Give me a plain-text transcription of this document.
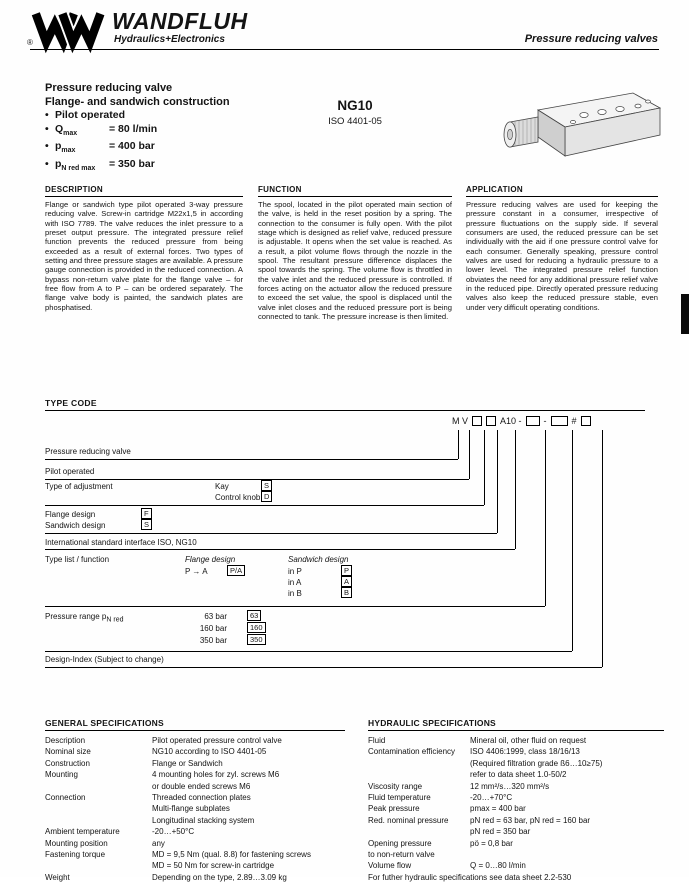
®
WANDFLUH
Hydraulics+Electronics	Pressure reducing valves
Pressure reducing valve
Flange- and sandwich construction
• Pilot operated
• $Q_{max}$	= 80 l/min
• $p_{max}$	= 400 bar
• $p_{N red max}$	= 350 bar
NG10
ISO 4401-05
DESCRIPTION

Flange or sandwich type pilot operated 3-way pressure reducing valve. Screw-in cartridge M22x1,5 in according with ISO 7789. The valve reduces the inlet pressure to a preset output pressure. The integrated pressure relief function prevents the reduced pressure from being exceeded as a result of external forces. Two types of setting and three pressure stages are available. A pressure gauge connection is provided in the reduced connection. A bypass non-return valve plate for the flange valve – for free flow from A to P – can be ordered separately. The flange valve body is painted, the sandwich plates are phosphatised.

FUNCTION

The spool, located in the pilot operated main section of the valve, is held in the reset position by a spring. The connection to the consumer is fully open. With the pilot stage which is designed as relief valve, reduced pressure is adjustable. It opens when the set value is reached. As a result, a pilot volume flows through the nozzle in the spool. The resultant pressure difference displaces the spool towards the spring. The volume flow is throttled in the valve inlet and the reduced pressure is controlled. If forces acting on the actuator allow the reduced pressure to exceed the set value, the spool is displaced until the valve inlet closes and the reduced pressure port is being connected to tank. The pressure increase is then limited.

APPLICATION

Pressure reducing valves are used for keeping the pressure constant in a consumer, irrespective of pressure fluctuations on the supply side. If several consumers are used, the reduced pressure can be set individually with the aid if one pressure control valve for each consumer. Generally speaking, pressure control valves are used for reducing a hydraulic pressure to a lower level. The integrated pressure relief function obviates the need for any additional pressure relief valve in the reduced pipe. Directly operated pressure reducing valves also keep the reduced pressure stable, even under very difficult operating conditions.

TYPE CODE
M V	A10 - -	#
Pressure reducing valve
Pilot operated
Type of adjustment	Kay	S
Control knob D
Flange design	F
Sandwich design	S
International standard interface ISO, NG10
Type list / function	Flange design
P → A	P/A
Sandwich design
in P	P
in A	A
in B	B
Pressure range $p_{N red}$	63 bar	63
160 bar	160
350 bar	350
Design-Index (Subject to change)
GENERAL SPECIFICATIONS
Description	Pilot operated pressure control valve
Nominal size	NG10 according to ISO 4401-05
Construction	Flange or Sandwich
Mounting	4 mounting holes for zyl. screws M6
or double ended screws M6
Connection	Threaded connection plates
Multi-flange subplates
Longitudinal stacking system
Ambient temperature	-20…+50°C
Mounting position	any
Fastening torque	MD = 9,5 Nm (qual. 8.8) for fastening screws
MD = 50 Nm for screw-in cartridge
Weight	Depending on the type, 2.89…3.09 kg
HYDRAULIC SPECIFICATIONS
Fluid	Mineral oil, other fluid on request
Contamination efficiency	ISO 4406:1999, class 18/16/13
(Required filtration grade ß6…10≥75)
refer to data sheet 1.0-50/2
Viscosity range	12 mm²/s…320 mm²/s
Fluid temperature	-20…+70°C
Peak pressure	pmax = 400 bar
Red. nominal pressure	pN red = 63 bar, pN red = 160 bar
pN red = 350 bar
Opening pressure	pö = 0,8 bar
to non-return valve
Volume flow	Q = 0…80 l/min
For futher hydraulic specifications see data sheet 2.2-530
